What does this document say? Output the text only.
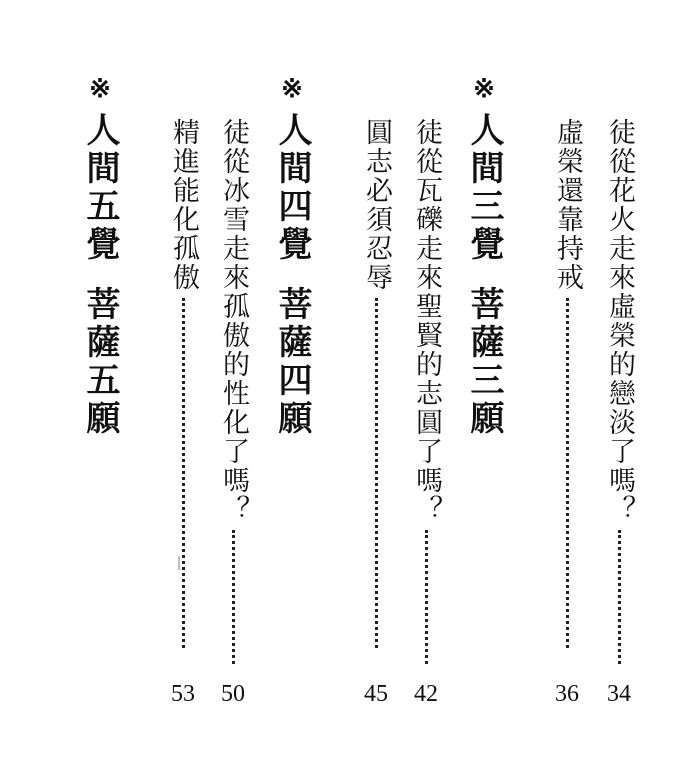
徒從花火走來虛榮的戀淡了嗎？
34
虛榮還靠持戒
36
※
人間三覺菩薩三願
徒從瓦礫走來聖賢的志圓了嗎？
42
圓志必須忍辱
45
※
人間四覺菩薩四願
徒從冰雪走來孤傲的性化了嗎？
50
精進能化孤傲
53
※
人間五覺菩薩五願
